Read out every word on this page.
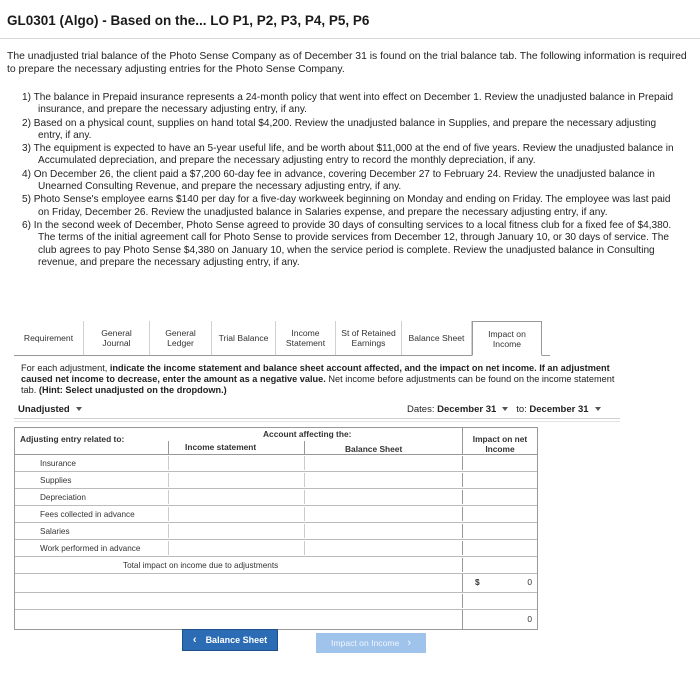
GL0301 (Algo) - Based on the... LO P1, P2, P3, P4, P5, P6
The unadjusted trial balance of the Photo Sense Company as of December 31 is found on the trial balance tab. The following information is required to prepare the necessary adjusting entries for the Photo Sense Company.
1) The balance in Prepaid insurance represents a 24-month policy that went into effect on December 1. Review the unadjusted balance in Prepaid insurance, and prepare the necessary adjusting entry, if any.
2) Based on a physical count, supplies on hand total $4,200. Review the unadjusted balance in Supplies, and prepare the necessary adjusting entry, if any.
3) The equipment is expected to have an 5-year useful life, and be worth about $11,000 at the end of five years. Review the unadjusted balance in Accumulated depreciation, and prepare the necessary adjusting entry to record the monthly depreciation, if any.
4) On December 26, the client paid a $7,200 60-day fee in advance, covering December 27 to February 24. Review the unadjusted balance in Unearned Consulting Revenue, and prepare the necessary adjusting entry, if any.
5) Photo Sense's employee earns $140 per day for a five-day workweek beginning on Monday and ending on Friday. The employee was last paid on Friday, December 26. Review the unadjusted balance in Salaries expense, and prepare the necessary adjusting entry, if any.
6) In the second week of December, Photo Sense agreed to provide 30 days of consulting services to a local fitness club for a fixed fee of $4,380. The terms of the initial agreement call for Photo Sense to provide services from December 12, through January 10, or 30 days of service. The club agrees to pay Photo Sense $4,380 on January 10, when the service period is complete. Review the unadjusted balance in Consulting revenue, and prepare the necessary adjusting entry, if any.
Requirement	General Journal
General Ledger	Trial Balance	Income Statement
St of Retained Earnings	Balance Sheet	Impact on Income
For each adjustment, indicate the income statement and balance sheet account affected, and the impact on net income. If an adjustment caused net income to decrease, enter the amount as a negative value. Net income before adjustments can be found on the income statement tab. (Hint: Select unadjusted on the dropdown.)
Unadjusted	Dates: December 31 to: December 31
Adjusting entry related to:	Account affecting the:
Income statement	Balance Sheet
Impact on net Income
Insurance
Supplies
Depreciation
Fees collected in advance
Salaries
Work performed in advance
Total impact on income due to adjustments
$	0
0
‹ Balance Sheet	Impact on Income ›
